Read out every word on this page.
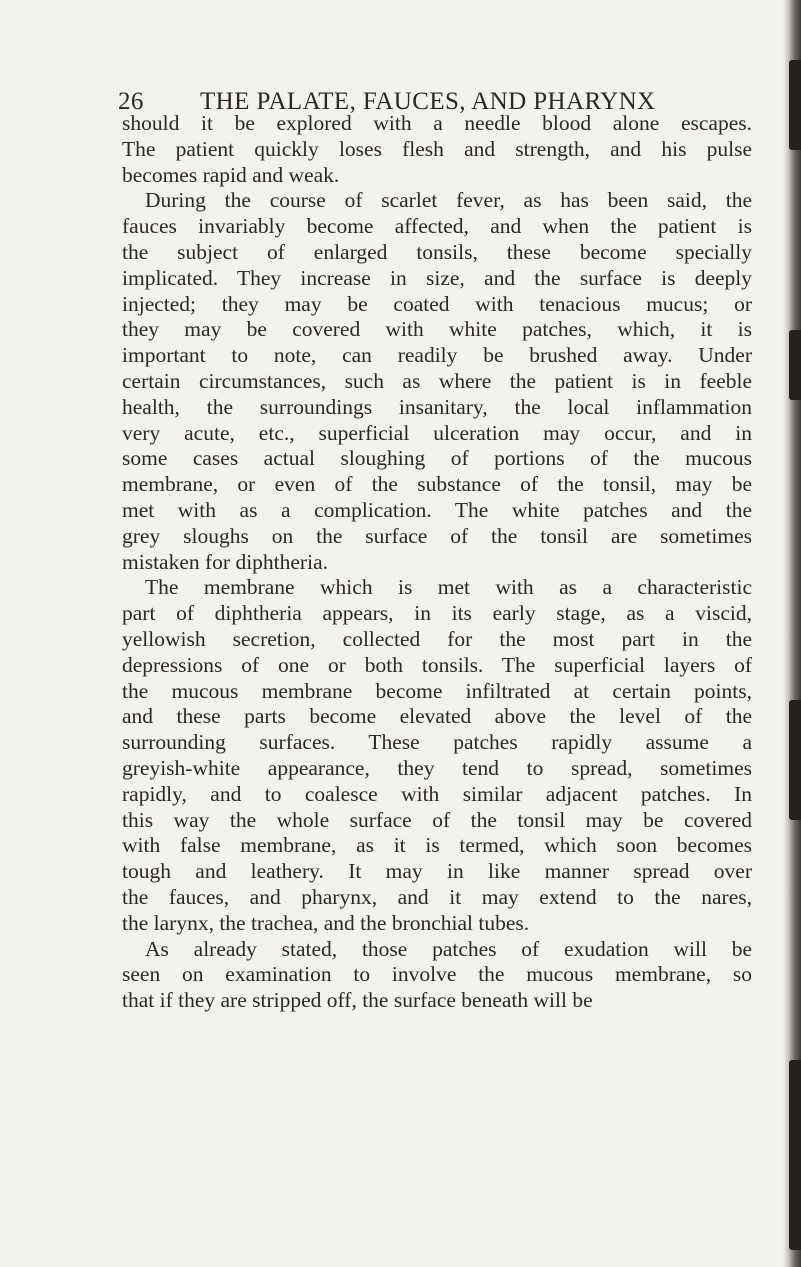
26 THE PALATE, FAUCES, AND PHARYNX

should it be explored with a needle blood alone escapes.
The patient quickly loses flesh and strength, and his pulse
becomes rapid and weak.

During the course of scarlet fever, as has been said, the
fauces invariably become affected, and when the patient is
the subject of enlarged tonsils, these become specially
implicated. They increase in size, and the surface is deeply
injected; they may be coated with tenacious mucus; or
they may be covered with white patches, which, it is
important to note, can readily be brushed away. Under
certain circumstances, such as where the patient is in feeble
health, the surroundings insanitary, the local inflammation
very acute, etc., superficial ulceration may occur, and in
some cases actual sloughing of portions of the mucous
membrane, or even of the substance of the tonsil, may be
met with as a complication. The white patches and the
grey sloughs on the surface of the tonsil are sometimes
mistaken for diphtheria.

The membrane which is met with as a characteristic
part of diphtheria appears, in its early stage, as a viscid,
yellowish secretion, collected for the most part in the
depressions of one or both tonsils. The superficial layers of
the mucous membrane become infiltrated at certain points,
and these parts become elevated above the level of the
surrounding surfaces. These patches rapidly assume a
greyish-white appearance, they tend to spread, sometimes
rapidly, and to coalesce with similar adjacent patches. In
this way the whole surface of the tonsil may be covered
with false membrane, as it is termed, which soon becomes
tough and leathery. It may in like manner spread over
the fauces, and pharynx, and it may extend to the nares,
the larynx, the trachea, and the bronchial tubes.

As already stated, those patches of exudation will be
seen on examination to involve the mucous membrane, so
that if they are stripped off, the surface beneath will be
